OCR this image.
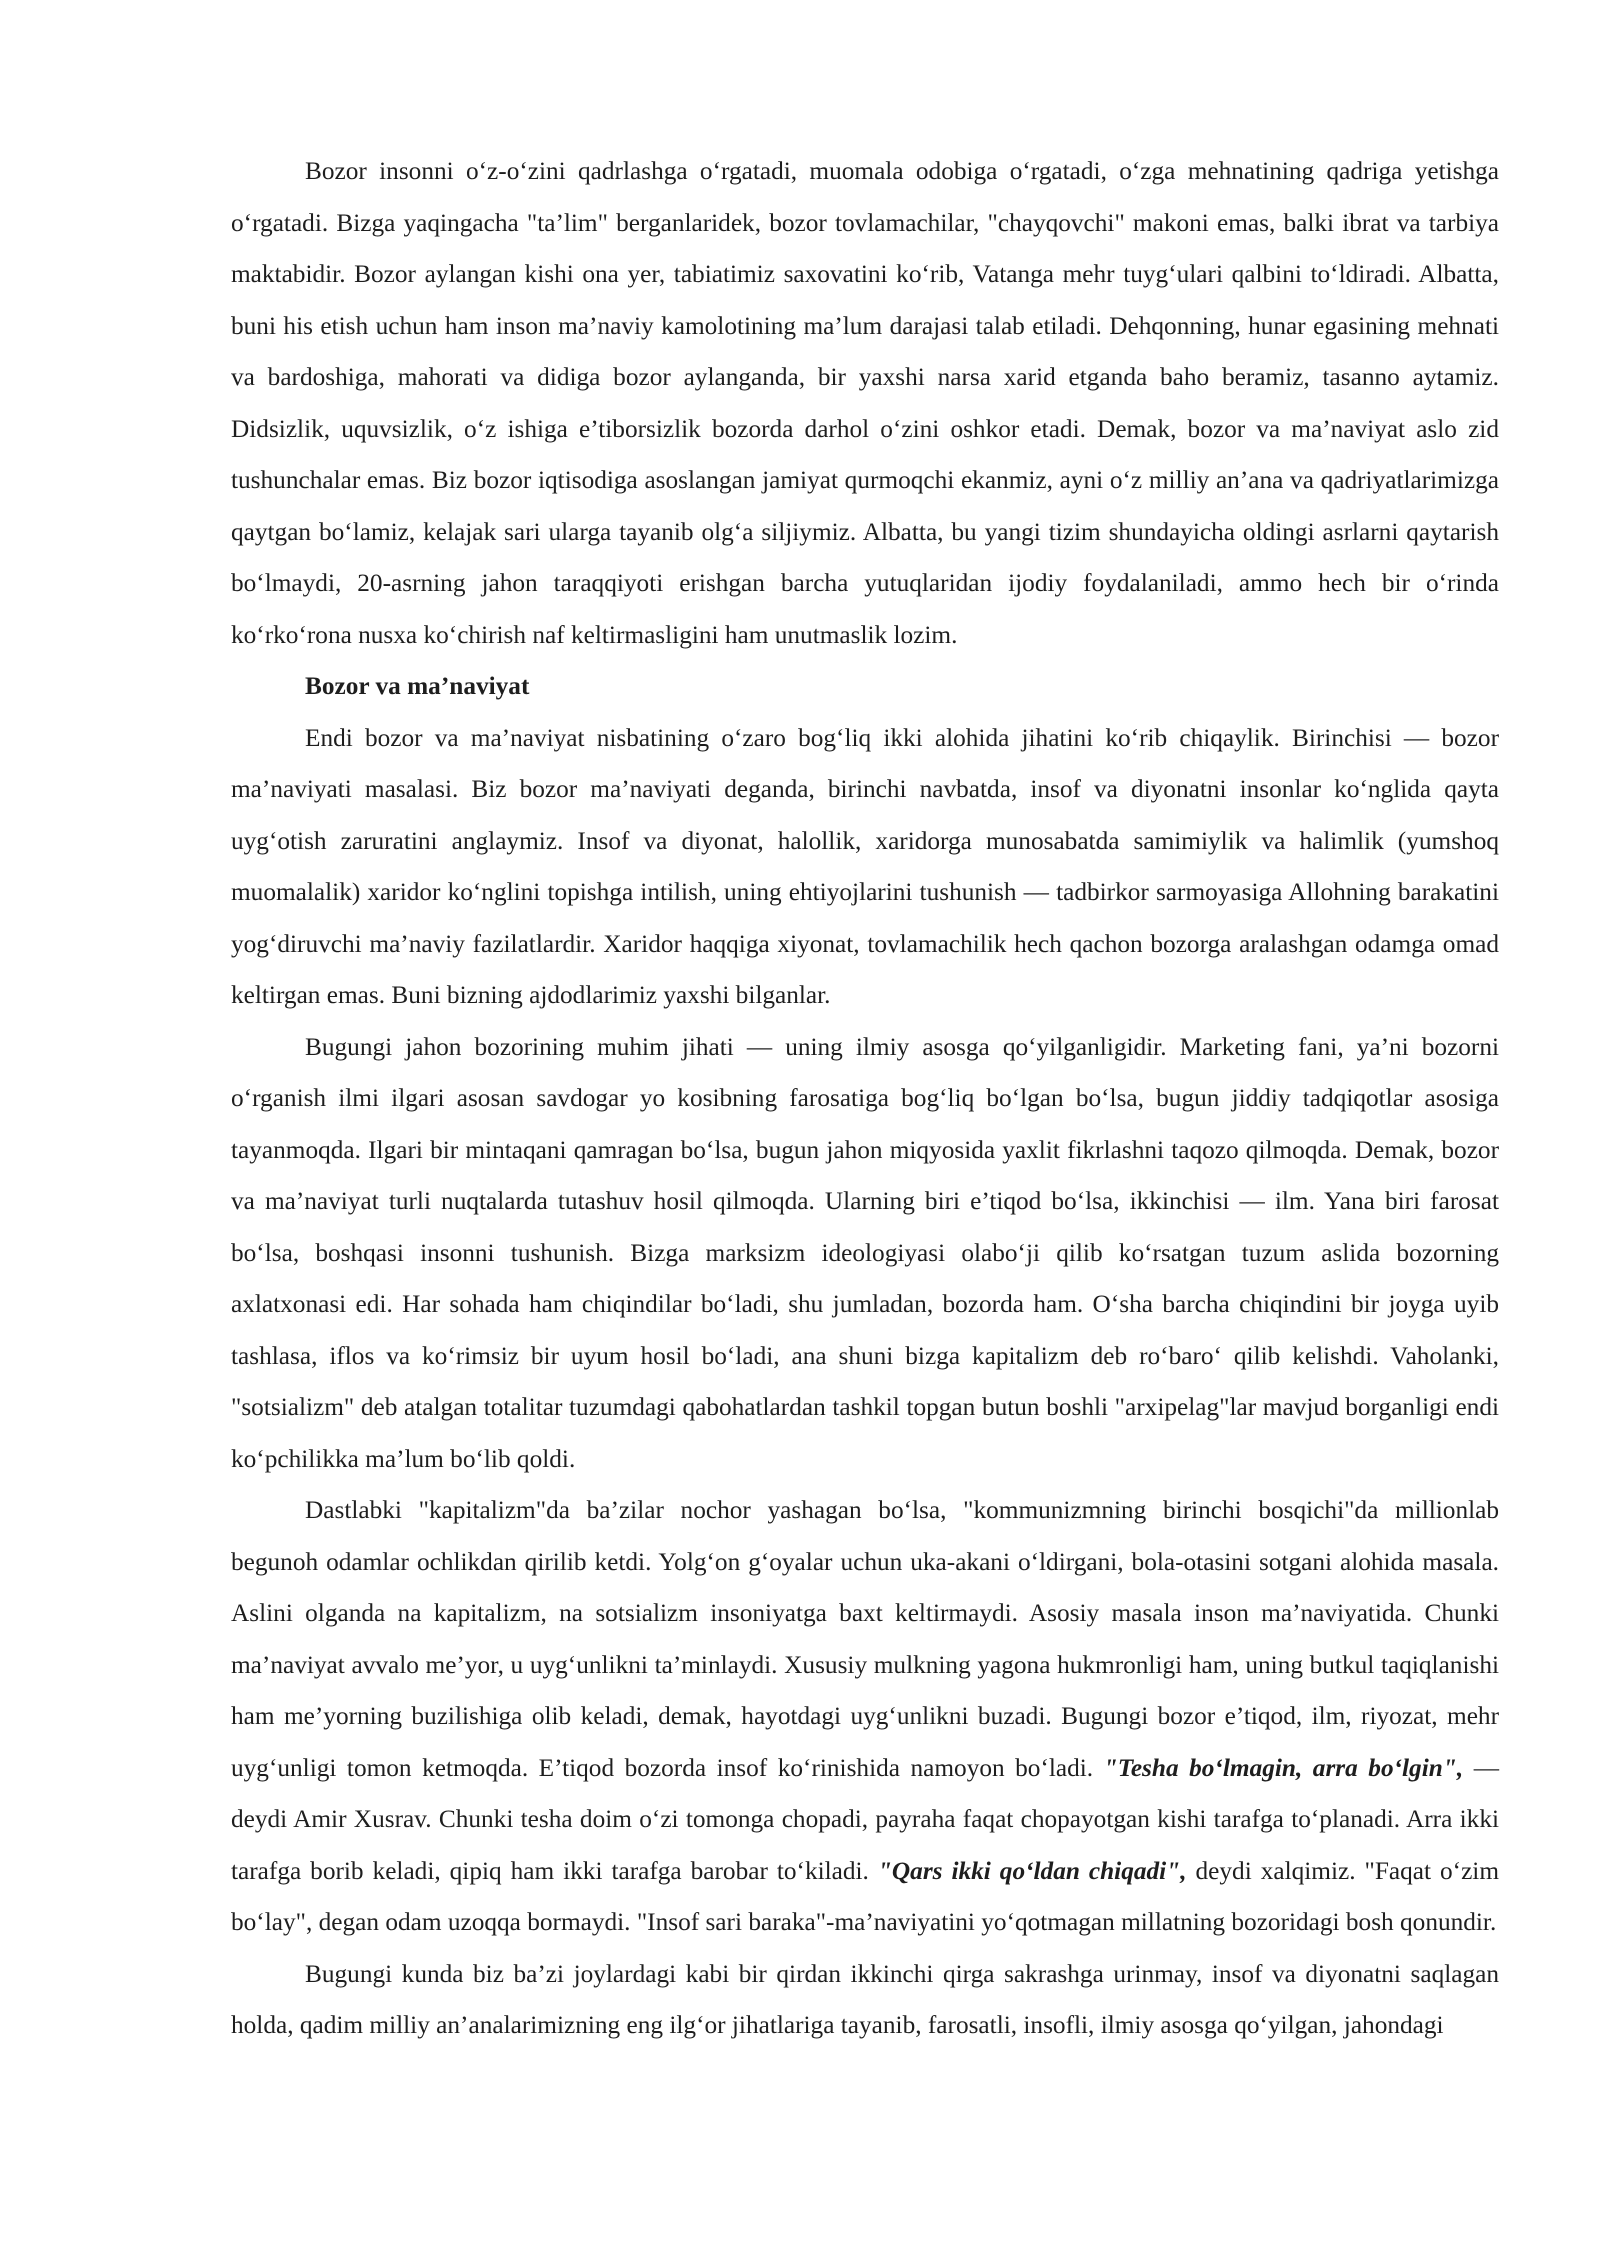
Bozor insonni o‘z-o‘zini qadrlashga o‘rgatadi, muomala odobiga o‘rgatadi, o‘zga mehnatining qadriga yetishga o‘rgatadi. Bizga yaqingacha "ta’lim" berganlaridek, bozor tovlamachilar, "chayqovchi" makoni emas, balki ibrat va tarbiya maktabidir. Bozor aylangan kishi ona yer, tabiatimiz saxovatini ko‘rib, Vatanga mehr tuyg‘ulari qalbini to‘ldiradi. Albatta, buni his etish uchun ham inson ma’naviy kamolotining ma’lum darajasi talab etiladi. Dehqonning, hunar egasining mehnati va bardoshiga, mahorati va didiga bozor aylanganda, bir yaxshi narsa xarid etganda baho beramiz, tasanno aytamiz. Didsizlik, uquvsizlik, o‘z ishiga e’tiborsizlik bozorda darhol o‘zini oshkor etadi. Demak, bozor va ma’naviyat aslo zid tushunchalar emas. Biz bozor iqtisodiga asoslangan jamiyat qurmoqchi ekanmiz, ayni o‘z milliy an’ana va qadriyatlarimizga qaytgan bo‘lamiz, kelajak sari ularga tayanib olg‘a siljiymiz. Albatta, bu yangi tizim shundayicha oldingi asrlarni qaytarish bo‘lmaydi, 20-asrning jahon taraqqiyoti erishgan barcha yutuqlaridan ijodiy foydalaniladi, ammo hech bir o‘rinda ko‘rko‘rona nusxa ko‘chirish naf keltirmasligini ham unutmaslik lozim.

Bozor va ma’naviyat

Endi bozor va ma’naviyat nisbatining o‘zaro bog‘liq ikki alohida jihatini ko‘rib chiqaylik. Birinchisi — bozor ma’naviyati masalasi. Biz bozor ma’naviyati deganda, birinchi navbatda, insof va diyonatni insonlar ko‘nglida qayta uyg‘otish zaruratini anglaymiz. Insof va diyonat, halollik, xaridorga munosabatda samimiylik va halimlik (yumshoq muomalalik) xaridor ko‘nglini topishga intilish, uning ehtiyojlarini tushunish — tadbirkor sarmoyasiga Allohning barakatini yog‘diruvchi ma’naviy fazilatlardir. Xaridor haqqiga xiyonat, tovlamachilik hech qachon bozorga aralashgan odamga omad keltirgan emas. Buni bizning ajdodlarimiz yaxshi bilganlar.

Bugungi jahon bozorining muhim jihati — uning ilmiy asosga qo‘yilganligidir. Marketing fani, ya’ni bozorni o‘rganish ilmi ilgari asosan savdogar yo kosibning farosatiga bog‘liq bo‘lgan bo‘lsa, bugun jiddiy tadqiqotlar asosiga tayanmoqda. Ilgari bir mintaqani qamragan bo‘lsa, bugun jahon miqyosida yaxlit fikrlashni taqozo qilmoqda. Demak, bozor va ma’naviyat turli nuqtalarda tutashuv hosil qilmoqda. Ularning biri e’tiqod bo‘lsa, ikkinchisi — ilm. Yana biri farosat bo‘lsa, boshqasi insonni tushunish. Bizga marksizm ideologiyasi olabo‘ji qilib ko‘rsatgan tuzum aslida bozorning axlatxonasi edi. Har sohada ham chiqindilar bo‘ladi, shu jumladan, bozorda ham. O‘sha barcha chiqindini bir joyga uyib tashlasa, iflos va ko‘rimsiz bir uyum hosil bo‘ladi, ana shuni bizga kapitalizm deb ro‘baro‘ qilib kelishdi. Vaholanki, "sotsializm" deb atalgan totalitar tuzumdagi qabohatlardan tashkil topgan butun boshli "arxipelag"lar mavjud borganligi endi ko‘pchilikka ma’lum bo‘lib qoldi.

Dastlabki "kapitalizm"da ba’zilar nochor yashagan bo‘lsa, "kommunizmning birinchi bosqichi"da millionlab begunoh odamlar ochlikdan qirilib ketdi. Yolg‘on g‘oyalar uchun uka-akani o‘ldirgani, bola-otasini sotgani alohida masala. Aslini olganda na kapitalizm, na sotsializm insoniyatga baxt keltirmaydi. Asosiy masala inson ma’naviyatida. Chunki ma’naviyat avvalo me’yor, u uyg‘unlikni ta’minlaydi. Xususiy mulkning yagona hukmronligi ham, uning butkul taqiqlanishi ham me’yorning buzilishiga olib keladi, demak, hayotdagi uyg‘unlikni buzadi. Bugungi bozor e’tiqod, ilm, riyozat, mehr uyg‘unligi tomon ketmoqda. E’tiqod bozorda insof ko‘rinishida namoyon bo‘ladi. "Tesha bo‘lmagin, arra bo‘lgin", — deydi Amir Xusrav. Chunki tesha doim o‘zi tomonga chopadi, payraha faqat chopayotgan kishi tarafga to‘planadi. Arra ikki tarafga borib keladi, qipiq ham ikki tarafga barobar to‘kiladi. "Qars ikki qo‘ldan chiqadi", deydi xalqimiz. "Faqat o‘zim bo‘lay", degan odam uzoqqa bormaydi. "Insof sari baraka"-ma’naviyatini yo‘qotmagan millatning bozoridagi bosh qonundir.

Bugungi kunda biz ba’zi joylardagi kabi bir qirdan ikkinchi qirga sakrashga urinmay, insof va diyonatni saqlagan holda, qadim milliy an’analarimizning eng ilg‘or jihatlariga tayanib, farosatli, insofli, ilmiy asosga qo‘yilgan, jahondagi
